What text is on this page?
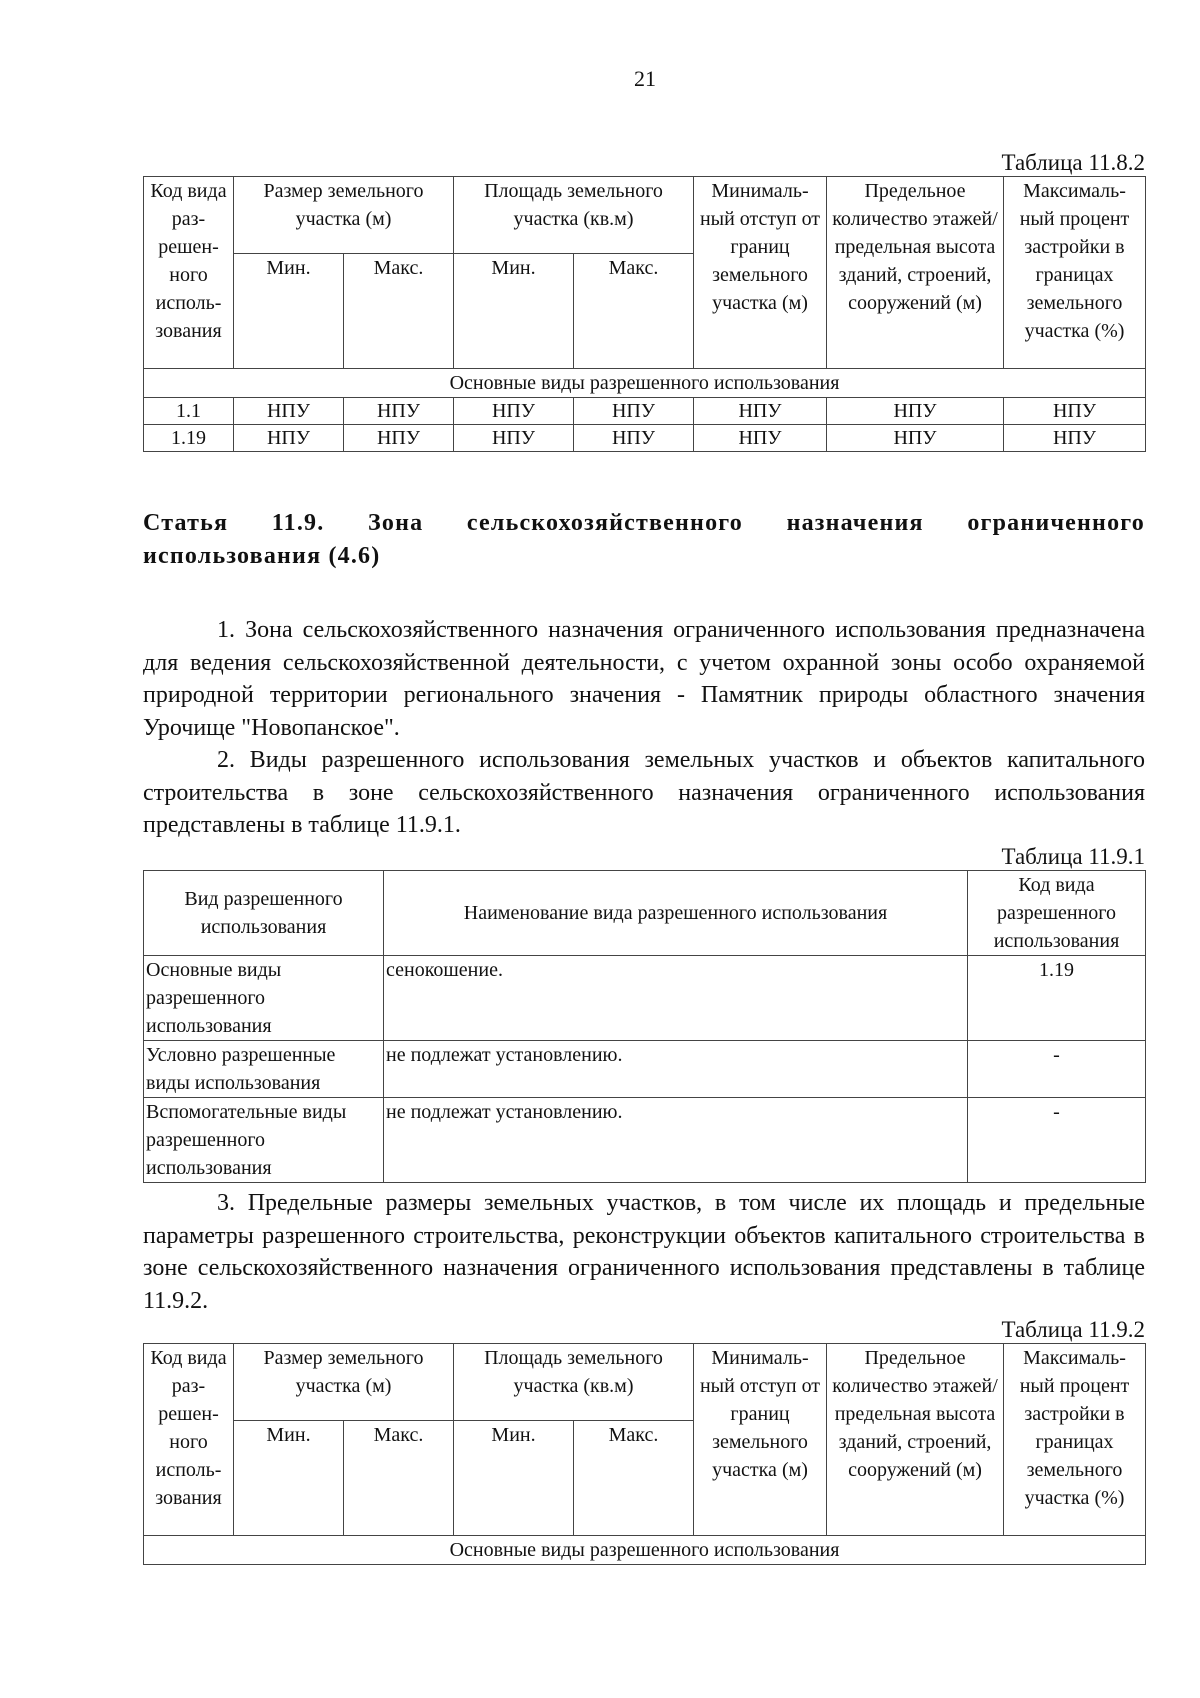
21
Таблица 11.8.2
Код вида раз-решен-ного исполь-зования	Размер земельного участка (м)		Площадь земельного участка (кв.м)		Минималь-ный отступ от границ земельного участка (м)	Предельное количество этажей/ предельная высота зданий, строений, сооружений (м)	Максималь-ный процент застройки в границах земельного участка (%)
	Мин.	Макс.	Мин.	Макс.			
Основные виды разрешенного использования							
1.1	НПУ	НПУ	НПУ	НПУ	НПУ	НПУ	НПУ
1.19	НПУ	НПУ	НПУ	НПУ	НПУ	НПУ	НПУ
Статья 11.9. Зона сельскохозяйственного назначения ограниченного использования (4.6)

1. Зона сельскохозяйственного назначения ограниченного использования предназначена для ведения сельскохозяйственной деятельности, с учетом охранной зоны особо охраняемой природной территории регионального значения - Памятник природы областного значения Урочище "Новопанское".

2. Виды разрешенного использования земельных участков и объектов капитального строительства в зоне сельскохозяйственного назначения ограниченного использования представлены в таблице 11.9.1.

Таблица 11.9.1
Вид разрешенного использования	Наименование вида разрешенного использования	Код вида разрешенного использования
Основные виды разрешенного использования	сенокошение.	1.19
Условно разрешенные виды использования	не подлежат установлению.	-
Вспомогательные виды разрешенного использования	не подлежат установлению.	-

3. Предельные размеры земельных участков, в том числе их площадь и предельные параметры разрешенного строительства, реконструкции объектов капитального строительства в зоне сельскохозяйственного назначения ограниченного использования представлены в таблице 11.9.2.

Таблица 11.9.2
Код вида раз-решен-ного исполь-зования	Размер земельного участка (м)		Площадь земельного участка (кв.м)		Минималь-ный отступ от границ земельного участка (м)	Предельное количество этажей/ предельная высота зданий, строений, сооружений (м)	Максималь-ный процент застройки в границах земельного участка (%)
	Мин.	Макс.	Мин.	Макс.			
Основные виды разрешенного использования							
